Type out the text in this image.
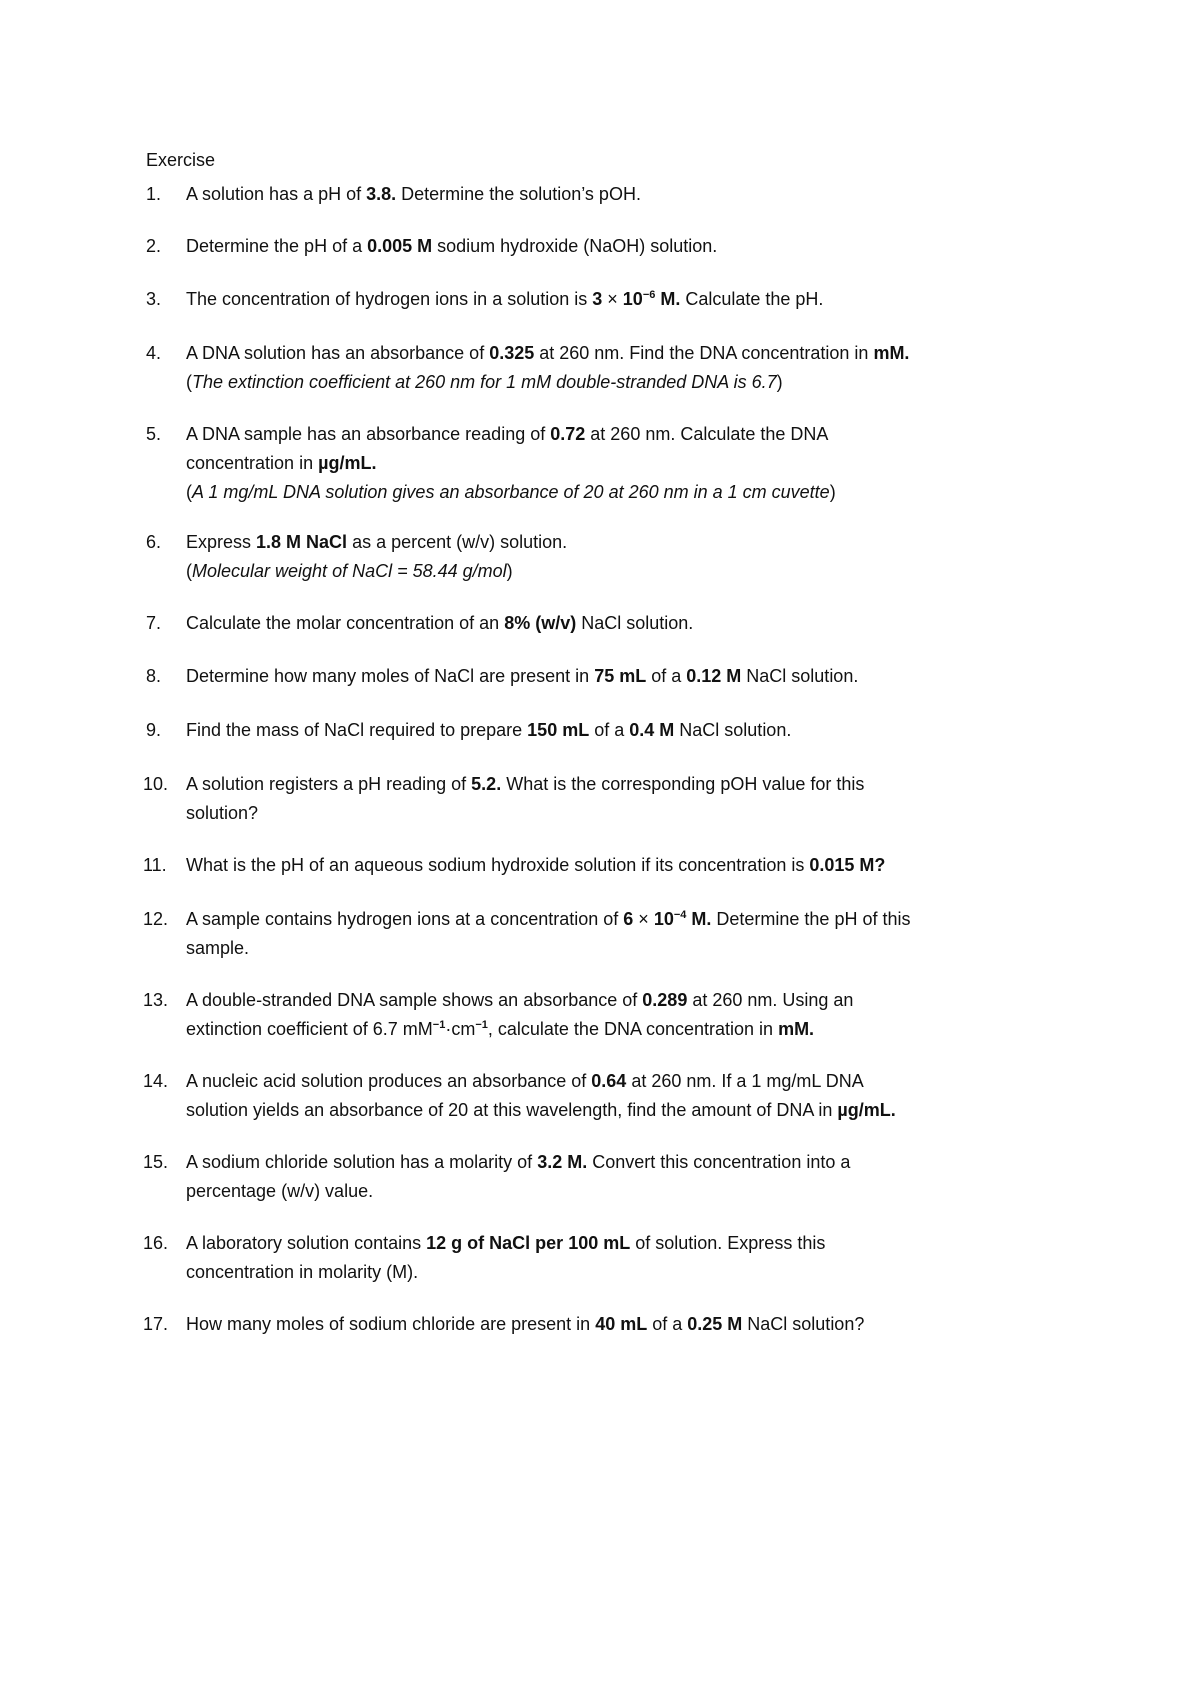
Exercise
1.	A solution has a pH of 3.8. Determine the solution’s pOH.
2.	Determine the pH of a 0.005 M sodium hydroxide (NaOH) solution.
3.	The concentration of hydrogen ions in a solution is $3 \times 10^{-6}$ M. Calculate the pH.
4.	A DNA solution has an absorbance of 0.325 at 260 nm. Find the DNA concentration in mM.
(The extinction coefficient at 260 nm for 1 mM double-stranded DNA is 6.7)
5.	A DNA sample has an absorbance reading of 0.72 at 260 nm. Calculate the DNA
concentration in µg/mL.
(A 1 mg/mL DNA solution gives an absorbance of 20 at 260 nm in a 1 cm cuvette)
6.	Express 1.8 M NaCl as a percent (w/v) solution.
(Molecular weight of NaCl = 58.44 g/mol)
7.	Calculate the molar concentration of an 8% (w/v) NaCl solution.
8.	Determine how many moles of NaCl are present in 75 mL of a 0.12 M NaCl solution.
9.	Find the mass of NaCl required to prepare 150 mL of a 0.4 M NaCl solution.
10. A solution registers a pH reading of 5.2. What is the corresponding pOH value for this
solution?
11.	What is the pH of an aqueous sodium hydroxide solution if its concentration is 0.015 M?
12. A sample contains hydrogen ions at a concentration of $6 \times 10^{-4}$ M. Determine the pH of this
sample.
13. A double-stranded DNA sample shows an absorbance of 0.289 at 260 nm. Using an
extinction coefficient of 6.7 $mM^{-1}\cdot cm^{-1}$, calculate the DNA concentration in mM.
14. A nucleic acid solution produces an absorbance of 0.64 at 260 nm. If a 1 mg/mL DNA
solution yields an absorbance of 20 at this wavelength, find the amount of DNA in µg/mL.
15. A sodium chloride solution has a molarity of 3.2 M. Convert this concentration into a
percentage (w/v) value.
16. A laboratory solution contains 12 g of NaCl per 100 mL of solution. Express this
concentration in molarity (M).
17. How many moles of sodium chloride are present in 40 mL of a 0.25 M NaCl solution?
